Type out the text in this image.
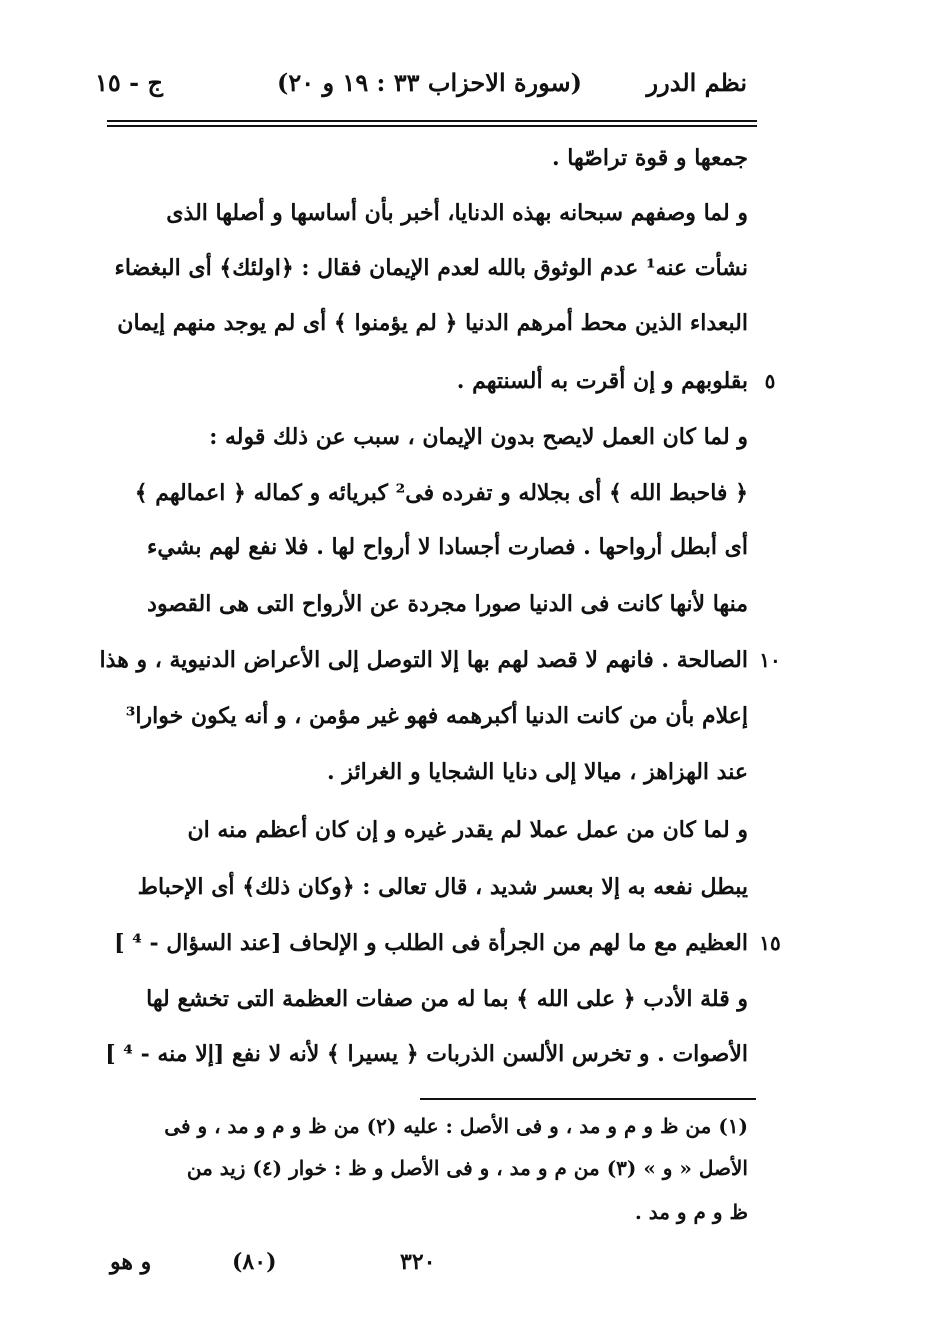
نظم الدرر
(سورة الاحزاب ٣٣ : ١٩ و ٢٠)
ج - ١٥
جمعها و قوة تراصّها .
و لما وصفهم سبحانه بهذه الدنايا، أخبر بأن أساسها و أصلها الذى
نشأت عنه¹ عدم الوثوق بالله لعدم الإيمان فقال : ﴿اولئك﴾ أى البغضاء
البعداء الذين محط أمرهم الدنيا ﴿ لم يؤمنوا ﴾ أى لم يوجد منهم إيمان
بقلوبهم و إن أقرت به ألسنتهم . ٥
و لما كان العمل لايصح بدون الإيمان ، سبب عن ذلك قوله :
﴿ فاحبط الله ﴾ أى بجلاله و تفرده فى² كبريائه و كماله ﴿ اعمالهم ﴾
أى أبطل أرواحها . فصارت أجسادا لا أرواح لها . فلا نفع لهم بشيء
منها لأنها كانت فى الدنيا صورا مجردة عن الأرواح التى هى القصود
الصالحة . فانهم لا قصد لهم بها إلا التوصل إلى الأعراض الدنيوية ، و هذا ١٠
إعلام بأن من كانت الدنيا أكبرهمه فهو غير مؤمن ، و أنه يكون خوارا³
عند الهزاهز ، ميالا إلى دنايا الشجايا و الغرائز .
و لما كان من عمل عملا لم يقدر غيره و إن كان أعظم منه ان
يبطل نفعه به إلا بعسر شديد ، قال تعالى : ﴿وكان ذلك﴾ أى الإحباط
العظيم مع ما لهم من الجرأة فى الطلب و الإلحاف [عند السؤال - ⁴ ] ١٥
و قلة الأدب ﴿ على الله ﴾ بما له من صفات العظمة التى تخشع لها
الأصوات . و تخرس الألسن الذربات ﴿ يسيرا ﴾ لأنه لا نفع [إلا منه - ⁴ ]
(١) من ظ و م و مد ، و فى الأصل : عليه (٢) من ظ و م و مد ، و فى
الأصل « و » (٣) من م و مد ، و فى الأصل و ظ : خوار (٤) زيد من
ظ و م و مد .
و هو	(٨٠)	٣٢٠
